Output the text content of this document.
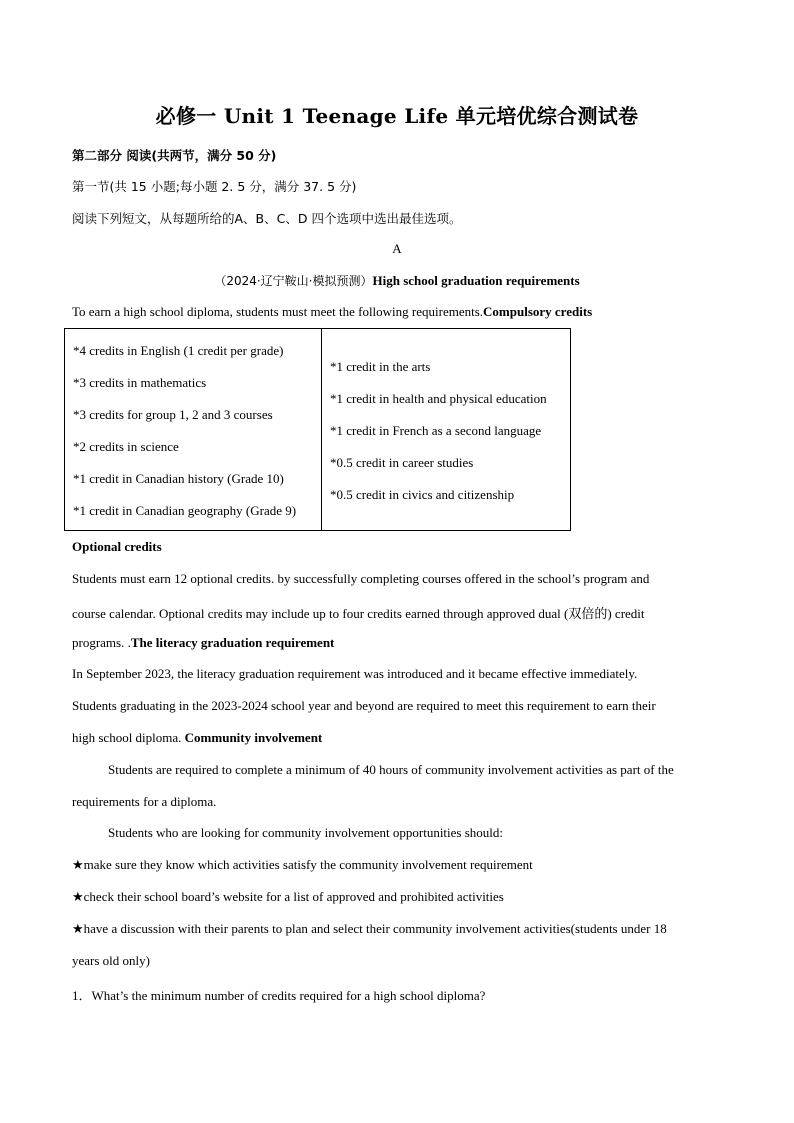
必修一 Unit 1 Teenage Life 单元培优综合测试卷
第二部分 阅读(共两节，满分 50 分)
第一节(共 15 小题;每小题 2. 5 分，满分 37. 5 分)
阅读下列短文，从每题所给的A、B、C、D 四个选项中选出最佳选项。
A
（2024·辽宁鞍山·模拟预测）High school graduation requirements
To earn a high school diploma, students must meet the following requirements.Compulsory credits
*4 credits in English (1 credit per grade)
*3 credits in mathematics
*3 credits for group 1, 2 and 3 courses
*2 credits in science
*1 credit in Canadian history (Grade 10)
*1 credit in Canadian geography (Grade 9)

*1 credit in the arts
*1 credit in health and physical education
*1 credit in French as a second language
*0.5 credit in career studies
*0.5 credit in civics and citizenship
Optional credits
Students must earn 12 optional credits. by successfully completing courses offered in the school’s program and
course calendar. Optional credits may include up to four credits earned through approved dual (双倍的) credit
programs. .The literacy graduation requirement
In September 2023, the literacy graduation requirement was introduced and it became effective immediately.
Students graduating in the 2023-2024 school year and beyond are required to meet this requirement to earn their
high school diploma. Community involvement
Students are required to complete a minimum of 40 hours of community involvement activities as part of the
requirements for a diploma.
Students who are looking for community involvement opportunities should:
★make sure they know which activities satisfy the community involvement requirement
★check their school board’s website for a list of approved and prohibited activities
★have a discussion with their parents to plan and select their community involvement activities(students under 18
years old only)
1．What’s the minimum number of credits required for a high school diploma?
